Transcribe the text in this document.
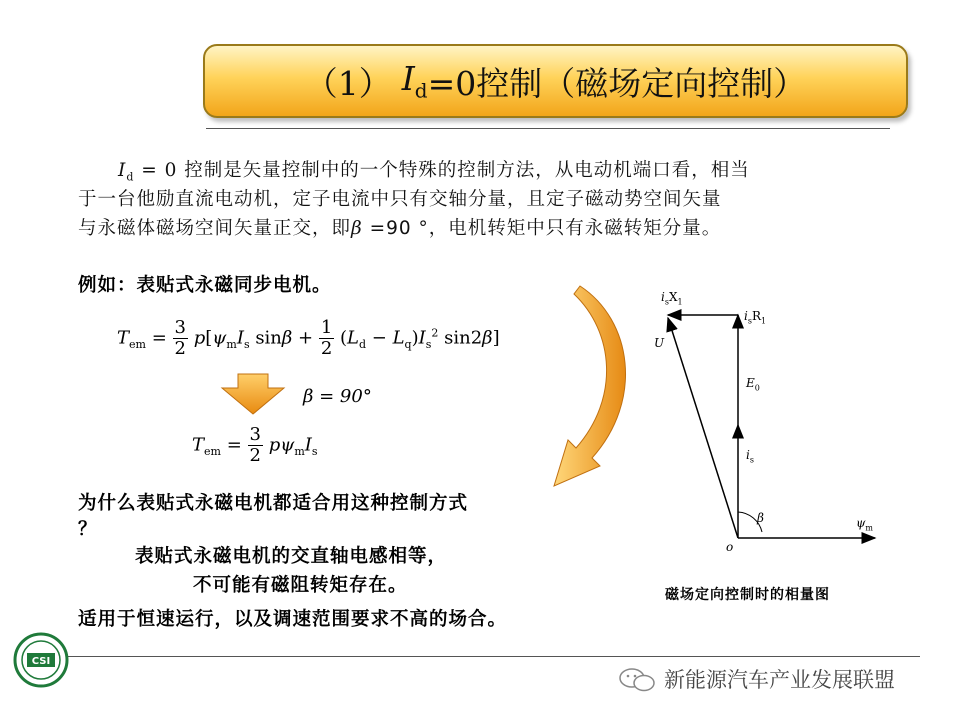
（1） $I_d =0$控制（磁场定向控制）
$I_d = 0$ 控制是矢量控制中的一个特殊的控制方法，从电动机端口看，相当
于一台他励直流电动机，定子电流中只有交轴分量，且定子磁动势空间矢量
与永磁体磁场空间矢量正交，即β =90 °，电机转矩中只有永磁转矩分量。
例如：表贴式永磁同步电机。
$T_{em} = \frac{3}{2} p[\psi_mI_s$ $\sin\beta + \frac{1}{2} (L_d - L_q)I_s^2$ sin2β]
β = 90°
$T_{em} = \frac{3}{2} p\psi_mI_s$
为什么表贴式永磁电机都适合用这种控制方式
？
表贴式永磁电机的交直轴电感相等，
不可能有磁阻转矩存在。
适用于恒速运行，以及调速范围要求不高的场合。
$i_sX_1$
$i_sR_1$
U
$E_0$
$i_s$
β
o
$\psi_m$
磁场定向控制时的相量图
CSI
新能源汽车产业发展联盟
